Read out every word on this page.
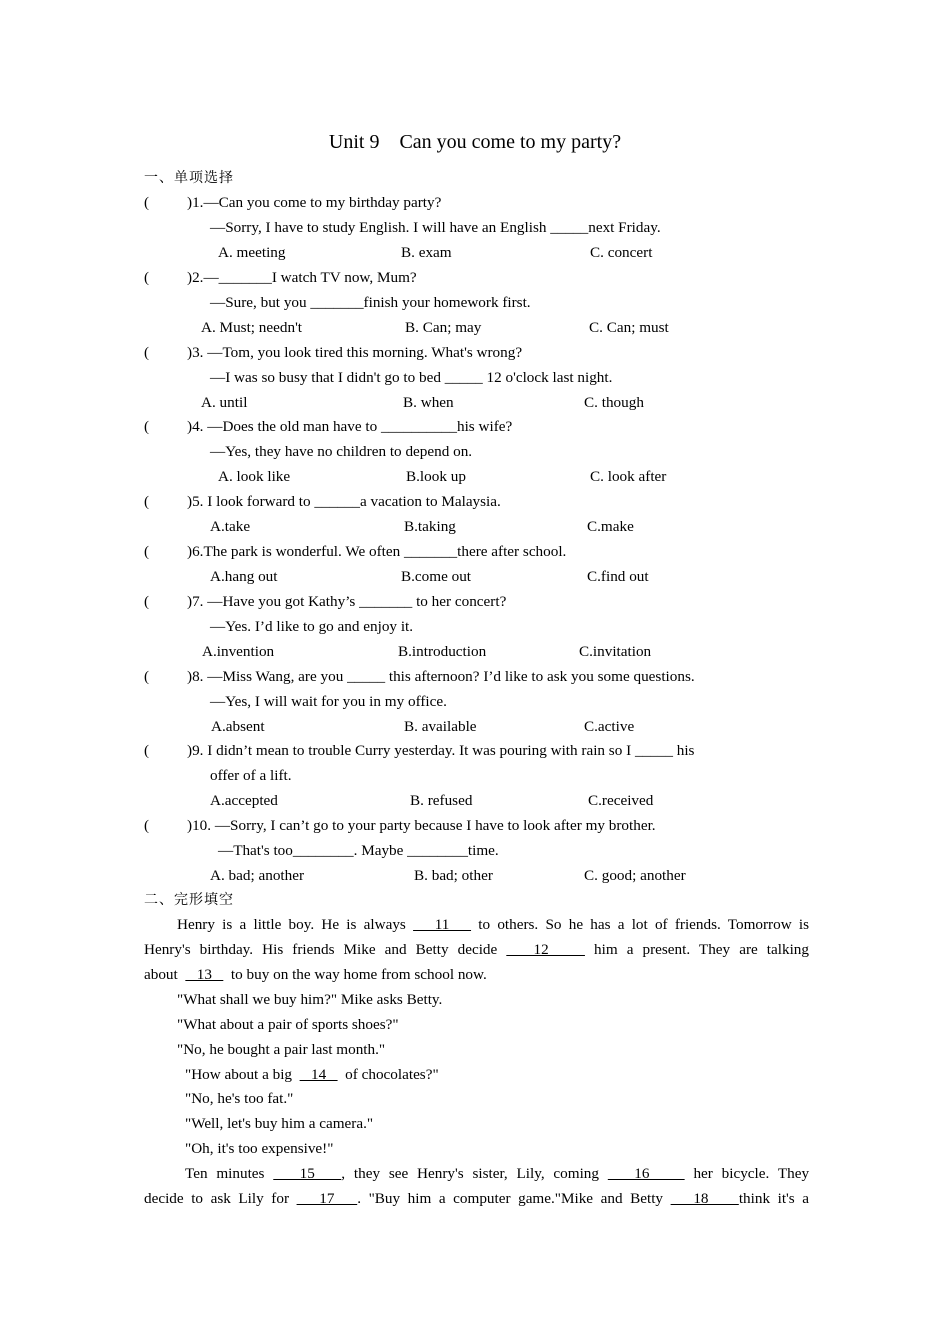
Unit 9    Can you come to my party?
一、单项选择
(          )1.—Can you come to my birthday party?
—Sorry, I have to study English. I will have an English _____next Friday.
A. meeting	B. exam	C. concert
(          )2.—_______I watch TV now, Mum?
—Sure, but you _______finish your homework first.
A. Must; needn't	B. Can; may	C. Can; must
(          )3. —Tom, you look tired this morning. What's wrong?
—I was so busy that I didn't go to bed _____ 12 o'clock last night.
A. until	B. when	C. though
(          )4. —Does the old man have to __________his wife?
—Yes, they have no children to depend on.
A. look like	B.look up	C. look after
(          )5. I look forward to ______a vacation to Malaysia.
A.take	B.taking	C.make
(          )6.The park is wonderful. We often _______there after school.
A.hang out	B.come out	C.find out
(          )7. —Have you got Kathy’s _______ to her concert?
—Yes. I’d like to go and enjoy it.
A.invention	B.introduction	C.invitation
(          )8. —Miss Wang, are you _____ this afternoon? I’d like to ask you some questions.
—Yes, I will wait for you in my office.
A.absent	B. available	C.active
(          )9. I didn’t mean to trouble Curry yesterday. It was pouring with rain so I _____ his
offer of a lift.
A.accepted	B. refused	C.received
(          )10. —Sorry, I can’t go to your party because I have to look after my brother.
—That's too________. Maybe ________time.
A. bad; another	B. bad; other	C. good; another
二、完形填空
Henry is a little boy. He is always    11    to others. So he has a lot of friends. Tomorrow is
Henry's birthday. His friends Mike and Betty decide    12     him a present. They are talking
about     13     to buy on the way home from school now.
"What shall we buy him?" Mike asks Betty.
"What about a pair of sports shoes?"
"No, he bought a pair last month."
"How about a big     14     of chocolates?"
"No, he's too fat."
"Well, let's buy him a camera."
"Oh, it's too expensive!"
Ten minutes    15   , they see Henry's sister, Lily, coming    16     her bicycle. They
decide to ask Lily for    17   . "Buy him a computer game."Mike and Betty    18    think it's a
